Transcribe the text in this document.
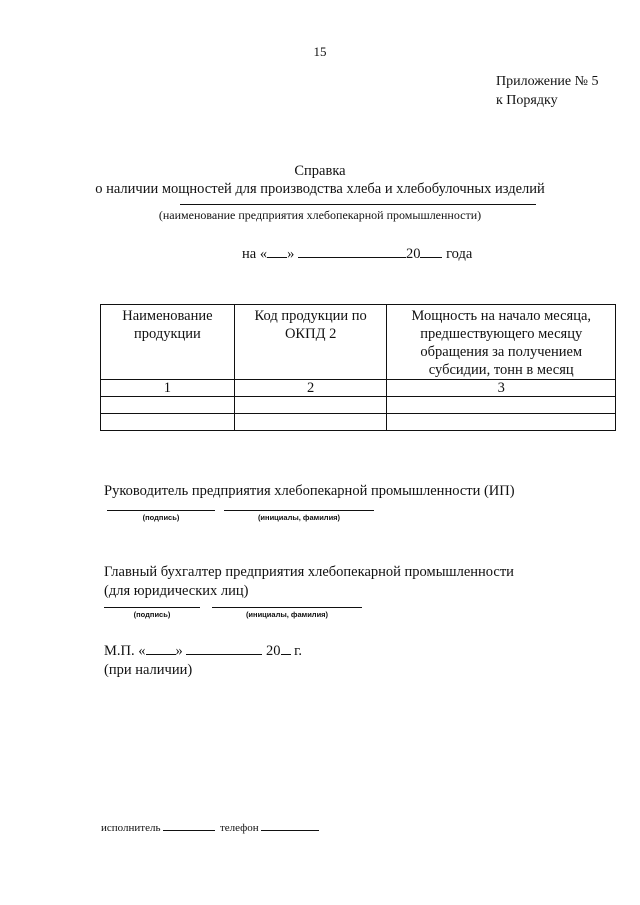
15
Приложение № 5
к Порядку
Справка
о наличии мощностей для производства хлеба и хлебобулочных изделий
(наименование предприятия хлебопекарной промышленности)
на « »	20 года
Наименование продукции	Код продукции по ОКПД 2	Мощность на начало месяца, предшествующего месяцу обращения за получением субсидии, тонн в месяц
1	2	3

Руководитель предприятия хлебопекарной промышленности (ИП)
(подпись)	(инициалы, фамилия)
Главный бухгалтер предприятия хлебопекарной промышленности
(для юридических лиц)
(подпись)	(инициалы, фамилия)
М.П. « »	20 г.
(при наличии)
исполнитель	телефон
